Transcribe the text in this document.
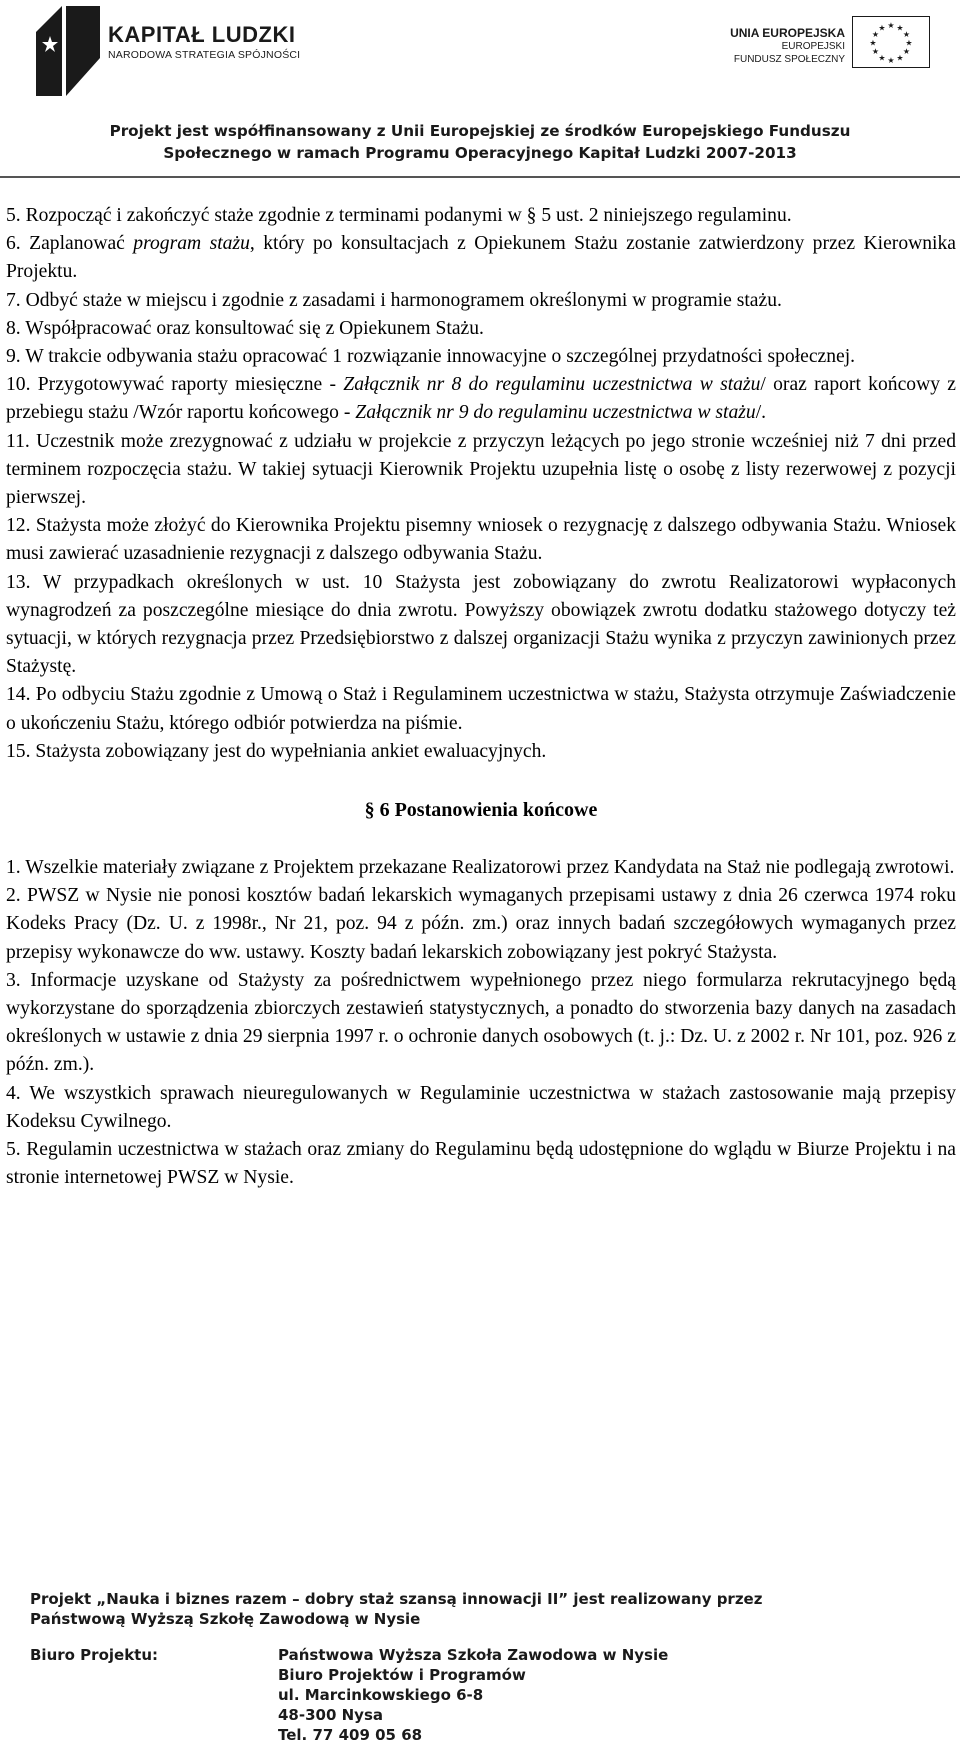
KAPITAŁ LUDZKI
NARODOWA STRATEGIA SPÓJNOŚCI
UNIA EUROPEJSKA
EUROPEJSKI
FUNDUSZ SPOŁECZNY
★ ★
★
★
★
★
★
★
★
★
★
★
Projekt jest współfinansowany z Unii Europejskiej ze środków Europejskiego Funduszu
Społecznego w ramach Programu Operacyjnego Kapitał Ludzki 2007-2013

5. Rozpocząć i zakończyć staże zgodnie z terminami podanymi w § 5 ust. 2 niniejszego regulaminu.

6. Zaplanować program stażu, który po konsultacjach z Opiekunem Stażu zostanie zatwierdzony przez Kierownika Projektu.

7. Odbyć staże w miejscu i zgodnie z zasadami i harmonogramem określonymi w programie stażu.

8. Współpracować oraz konsultować się z Opiekunem Stażu.

9. W trakcie odbywania stażu opracować 1 rozwiązanie innowacyjne o szczególnej przydatności społecznej.

10. Przygotowywać raporty miesięczne - Załącznik nr 8 do regulaminu uczestnictwa w stażu/ oraz raport końcowy z przebiegu stażu /Wzór raportu końcowego - Załącznik nr 9 do regulaminu uczestnictwa w stażu/.

11. Uczestnik może zrezygnować z udziału w projekcie z przyczyn leżących po jego stronie wcześniej niż 7 dni przed terminem rozpoczęcia stażu. W takiej sytuacji Kierownik Projektu uzupełnia listę o osobę z listy rezerwowej z pozycji pierwszej.

12. Stażysta może złożyć do Kierownika Projektu pisemny wniosek o rezygnację z dalszego odbywania Stażu. Wniosek musi zawierać uzasadnienie rezygnacji z dalszego odbywania Stażu.

13. W przypadkach określonych w ust. 10 Stażysta jest zobowiązany do zwrotu Realizatorowi wypłaconych wynagrodzeń za poszczególne miesiące do dnia zwrotu. Powyższy obowiązek zwrotu dodatku stażowego dotyczy też sytuacji, w których rezygnacja przez Przedsiębiorstwo z dalszej organizacji Stażu wynika z przyczyn zawinionych przez Stażystę.

14. Po odbyciu Stażu zgodnie z Umową o Staż i Regulaminem uczestnictwa w stażu, Stażysta otrzymuje Zaświadczenie o ukończeniu Stażu, którego odbiór potwierdza na piśmie.

15. Stażysta zobowiązany jest do wypełniania ankiet ewaluacyjnych.

§ 6 Postanowienia końcowe

1. Wszelkie materiały związane z Projektem przekazane Realizatorowi przez Kandydata na Staż nie podlegają zwrotowi.

2. PWSZ w Nysie nie ponosi kosztów badań lekarskich wymaganych przepisami ustawy z dnia 26 czerwca 1974 roku Kodeks Pracy (Dz. U. z 1998r., Nr 21, poz. 94 z późn. zm.) oraz innych badań szczegółowych wymaganych przez przepisy wykonawcze do ww. ustawy. Koszty badań lekarskich zobowiązany jest pokryć Stażysta.

3. Informacje uzyskane od Stażysty za pośrednictwem wypełnionego przez niego formularza rekrutacyjnego będą wykorzystane do sporządzenia zbiorczych zestawień statystycznych, a ponadto do stworzenia bazy danych na zasadach określonych w ustawie z dnia 29 sierpnia 1997 r. o ochronie danych osobowych (t. j.: Dz. U. z 2002 r. Nr 101, poz. 926 z późn. zm.).

4. We wszystkich sprawach nieuregulowanych w Regulaminie uczestnictwa w stażach zastosowanie mają przepisy Kodeksu Cywilnego.

5. Regulamin uczestnictwa w stażach oraz zmiany do Regulaminu będą udostępnione do wglądu w Biurze Projektu i na stronie internetowej PWSZ w Nysie.

Projekt „Nauka i biznes razem – dobry staż szansą innowacji II” jest realizowany przez
Państwową Wyższą Szkołę Zawodową w Nysie
Biuro Projektu:	Państwowa Wyższa Szkoła Zawodowa w Nysie
Biuro Projektów i Programów
ul. Marcinkowskiego 6-8
48-300 Nysa
Tel. 77 409 05 68
